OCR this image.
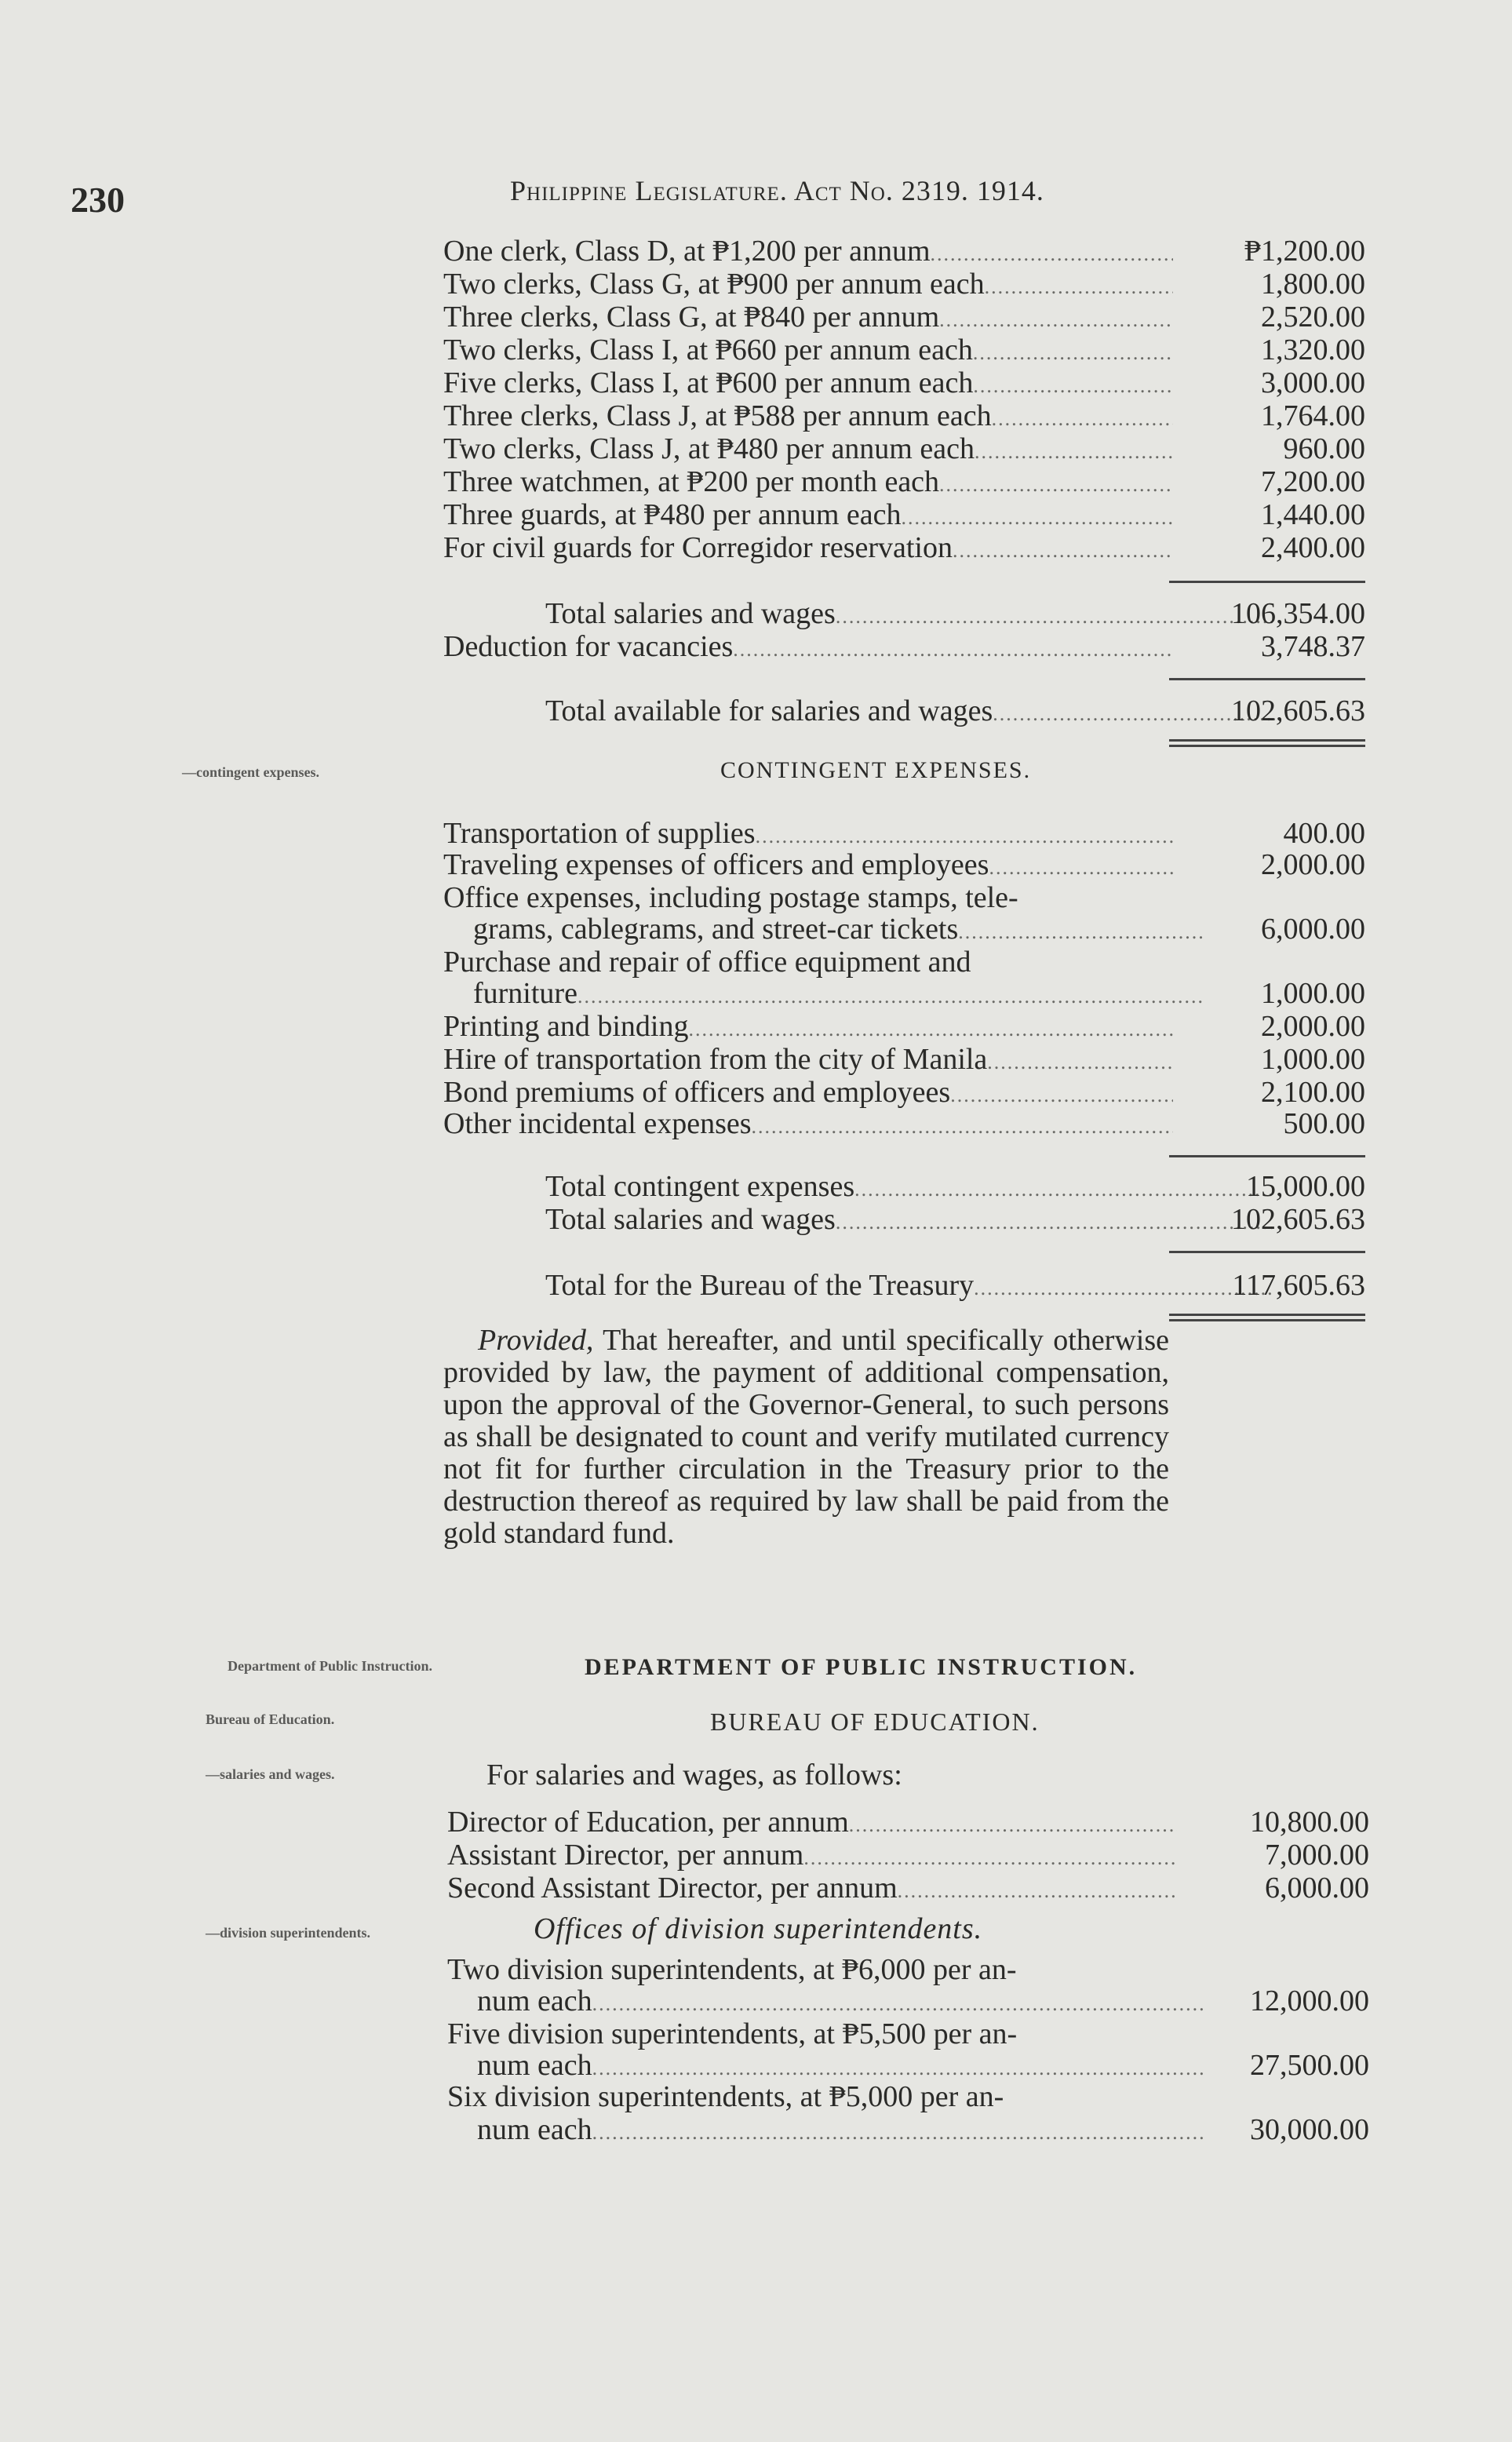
230	Philippine Legislature. Act No. 2319. 1914.
One clerk, Class D, at ₱1,200 per annum .....	₱1,200.00
Two clerks, Class G, at ₱900 per annum each .....	1,800.00
Three clerks, Class G, at ₱840 per annum .....	2,520.00
Two clerks, Class I, at ₱660 per annum each .....	1,320.00
Five clerks, Class I, at ₱600 per annum each .....	3,000.00
Three clerks, Class J, at ₱588 per annum each .....	1,764.00
Two clerks, Class J, at ₱480 per annum each .....	960.00
Three watchmen, at ₱200 per month each .....	7,200.00
Three guards, at ₱480 per annum each .....	1,440.00
For civil guards for Corregidor reservation .....	2,400.00
Total salaries and wages .....	106,354.00
Deduction for vacancies .....	3,748.37
Total available for salaries and wages .....	102,605.63
—contingent expenses.	CONTINGENT EXPENSES.
Transportation of supplies .....	400.00
Traveling expenses of officers and employees .....	2,000.00
Office expenses, including postage stamps, tele-
grams, cablegrams, and street-car tickets .....	6,000.00
Purchase and repair of office equipment and
furniture .....	1,000.00
Printing and binding .....	2,000.00
Hire of transportation from the city of Manila .....	1,000.00
Bond premiums of officers and employees .....	2,100.00
Other incidental expenses .....	500.00
Total contingent expenses .....	15,000.00
Total salaries and wages .....	102,605.63
Total for the Bureau of the Treasury .....	117,605.63
Provided, That hereafter, and until specifically otherwise provided by law, the payment of additional compensation, upon the approval of the Governor-General, to such persons as shall be designated to count and verify mutilated currency not fit for further circulation in the Treasury prior to the destruction thereof as required by law shall be paid from the gold standard fund.
Department of Public Instruction.	DEPARTMENT OF PUBLIC INSTRUCTION.
Bureau of Education.	BUREAU OF EDUCATION.
—salaries and wages.	For salaries and wages, as follows:
Director of Education, per annum .....	10,800.00
Assistant Director, per annum .....	7,000.00
Second Assistant Director, per annum .....	6,000.00
—division superintendents.	Offices of division superintendents.
Two division superintendents, at ₱6,000 per an-
num each .....	12,000.00
Five division superintendents, at ₱5,500 per an-
num each .....	27,500.00
Six division superintendents, at ₱5,000 per an-
num each .....	30,000.00
